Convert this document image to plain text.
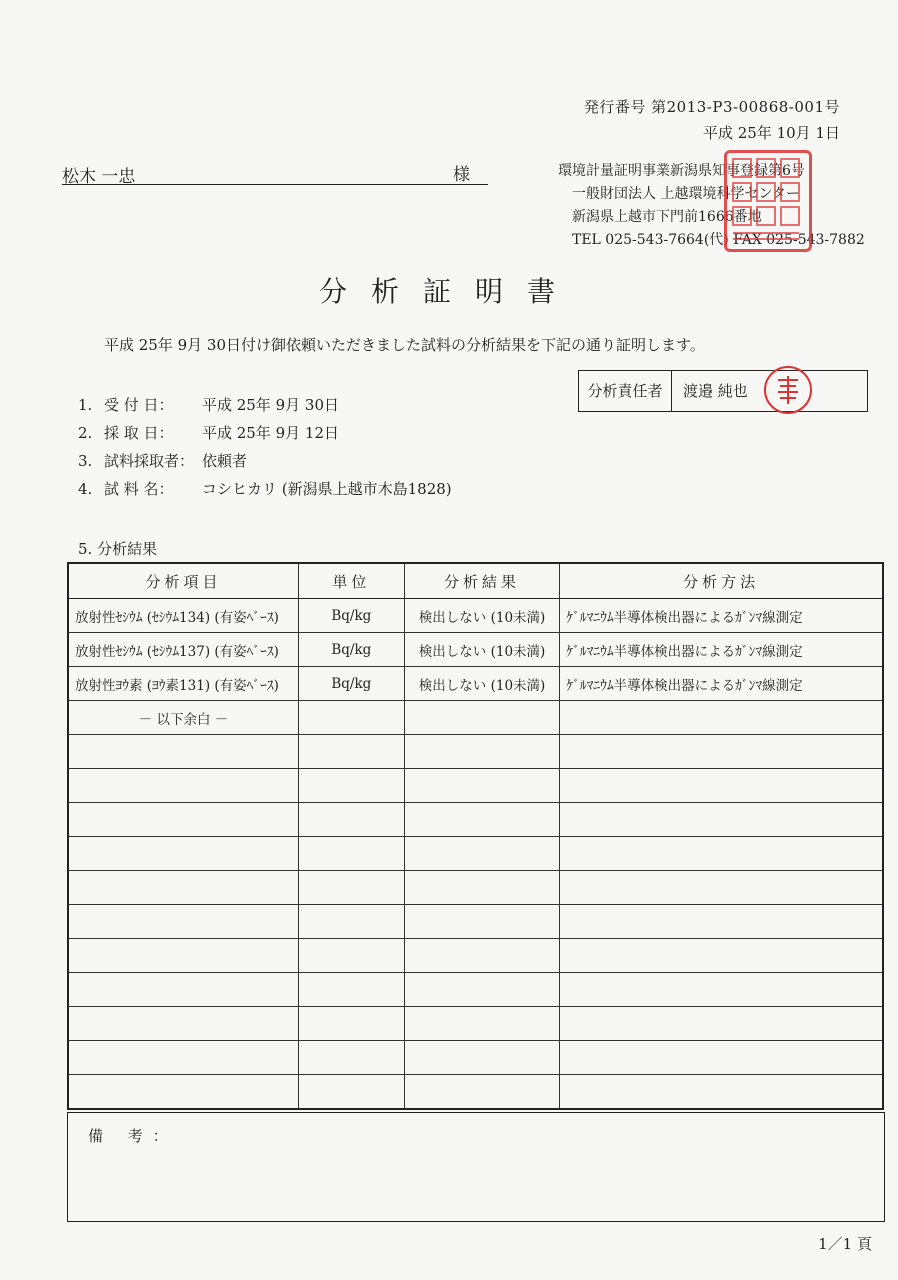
発行番号 第2013-P3-00868-001号
平成 25年 10月 1日
松木 一忠	様	環境計量証明事業新潟県知事登録第6号
一般財団法人 上越環境科学センター
新潟県上越市下門前1666番地
TEL 025-543-7664(代) FAX 025-543-7882
分析証明書
平成 25年 9月 30日付け御依頼いただきました試料の分析結果を下記の通り証明します。
分析責任者	渡邉 純也
1. 受 付 日： 平成 25年 9月 30日
2. 採 取 日： 平成 25年 9月 12日
3. 試料採取者： 依頼者
4. 試 料 名： コシヒカリ (新潟県上越市木島1828)
5. 分析結果
分析項目	単位	分析結果	分析方法
放射性ｾｼｳﾑ (ｾｼｳﾑ134) (有姿ﾍﾞｰｽ)	Bq/kg	検出しない (10未満)	ｹﾞﾙﾏﾆｳﾑ半導体検出器によるｶﾞﾝﾏ線測定
放射性ｾｼｳﾑ (ｾｼｳﾑ137) (有姿ﾍﾞｰｽ)	Bq/kg	検出しない (10未満)	ｹﾞﾙﾏﾆｳﾑ半導体検出器によるｶﾞﾝﾏ線測定
放射性ﾖｳ素 (ﾖｳ素131) (有姿ﾍﾞｰｽ)	Bq/kg	検出しない (10未満)	ｹﾞﾙﾏﾆｳﾑ半導体検出器によるｶﾞﾝﾏ線測定
－ 以下余白 －			

備 考：
1／1 頁
